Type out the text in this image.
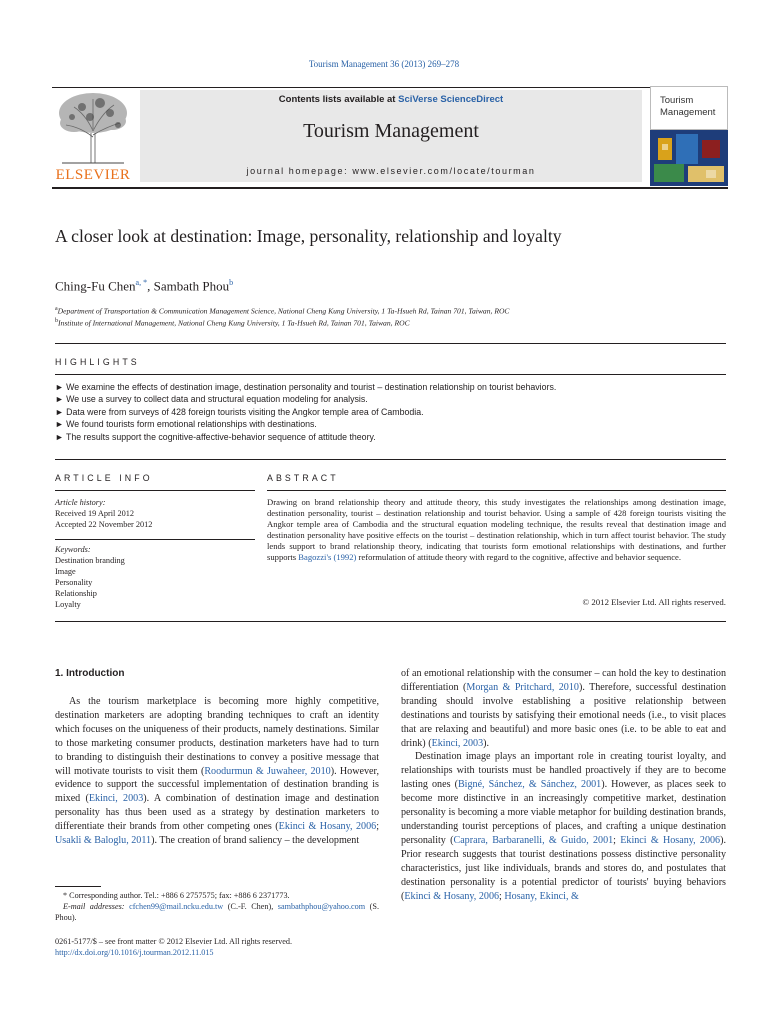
Tourism Management 36 (2013) 269–278
Contents lists available at SciVerse ScienceDirect
Tourism Management
journal homepage: www.elsevier.com/locate/tourman
ELSEVIER
Tourism
Management
A closer look at destination: Image, personality, relationship and loyalty
Ching-Fu Chen$^{a, *}$, Sambath Phou$^b$
$^a$Department of Transportation & Communication Management Science, National Cheng Kung University, 1 Ta-Hsueh Rd, Tainan 701, Taiwan, ROC
$^b$Institute of International Management, National Cheng Kung University, 1 Ta-Hsueh Rd, Tainan 701, Taiwan, ROC
HIGHLIGHTS
► We examine the effects of destination image, destination personality and tourist – destination relationship on tourist behaviors.
► We use a survey to collect data and structural equation modeling for analysis.
► Data were from surveys of 428 foreign tourists visiting the Angkor temple area of Cambodia.
► We found tourists form emotional relationships with destinations.
► The results support the cognitive-affective-behavior sequence of attitude theory.
ARTICLE INFO
Article history:
Received 19 April 2012
Accepted 22 November 2012
Keywords:
Destination branding
Image
Personality
Relationship
Loyalty
ABSTRACT
Drawing on brand relationship theory and attitude theory, this study investigates the relationships among destination image, destination personality, tourist – destination relationship and tourist behavior. Using a sample of 428 foreign tourists visiting the Angkor temple area of Cambodia and the structural equation modeling technique, the results reveal that destination image and destination personality have positive effects on the tourist – destination relationship, which in turn affect tourist behavior. The study lends support to brand relationship theory, indicating that tourists form emotional relationships with destinations, and further supports Bagozzi's (1992) reformulation of attitude theory with regard to the cognitive, affective and behavior sequence.
© 2012 Elsevier Ltd. All rights reserved.
1. Introduction

As the tourism marketplace is becoming more highly competitive, destination marketers are adopting branding techniques to craft an identity which focuses on the uniqueness of their products, namely destinations. Similar to those marketing consumer products, destination marketers have had to turn to branding to distinguish their destinations to convey a positive message that will motivate tourists to visit them (Roodurmun & Juwaheer, 2010). However, evidence to support the successful implementation of destination branding is mixed (Ekinci, 2003). A combination of destination image and destination personality has thus been used as a strategy by destination marketers to differentiate their brands from other competing ones (Ekinci & Hosany, 2006; Usakli & Baloglu, 2011). The creation of brand saliency – the development

of an emotional relationship with the consumer – can hold the key to destination differentiation (Morgan & Pritchard, 2010). Therefore, successful destination branding should involve establishing a positive relationship between destinations and tourists by satisfying their emotional needs (i.e., to visit places that are relaxing and beautiful) and more basic ones (i.e. to be able to eat and drink) (Ekinci, 2003).

Destination image plays an important role in creating tourist loyalty, and relationships with tourists must be handled proactively if they are to become lasting ones (Bigné, Sánchez, & Sánchez, 2001). However, as places seek to become more distinctive in an increasingly competitive market, destination personality is becoming a more viable metaphor for building destination brands, understanding tourist perceptions of places, and crafting a unique destination personality (Caprara, Barbaranelli, & Guido, 2001; Ekinci & Hosany, 2006). Prior research suggests that tourist destinations possess distinctive personality characteristics, just like individuals, brands and stores do, and postulates that destination personality is a potential predictor of tourists' buying behaviors (Ekinci & Hosany, 2006; Hosany, Ekinci, &

* Corresponding author. Tel.: +886 6 2757575; fax: +886 6 2371773.
E-mail addresses: cfchen99@mail.ncku.edu.tw (C.-F. Chen), sambathphou@yahoo.com (S. Phou).
0261-5177/$ – see front matter © 2012 Elsevier Ltd. All rights reserved.
http://dx.doi.org/10.1016/j.tourman.2012.11.015
